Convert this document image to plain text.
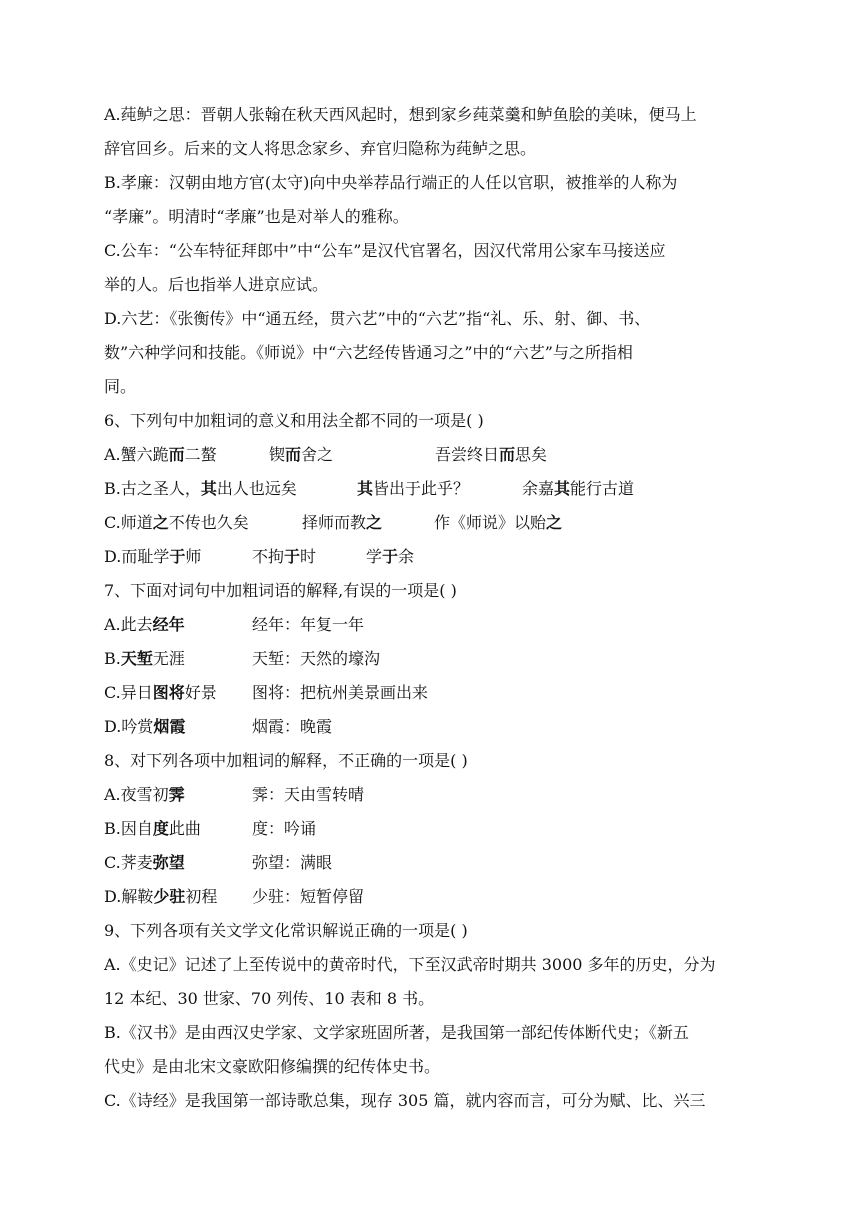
A.莼鲈之思：晋朝人张翰在秋天西风起时，想到家乡莼菜羹和鲈鱼脍的美味，便马上
辞官回乡。后来的文人将思念家乡、弃官归隐称为莼鲈之思。
B.孝廉：汉朝由地方官(太守)向中央举荐品行端正的人任以官职，被推举的人称为
“孝廉”。明清时“孝廉”也是对举人的雅称。
C.公车：“公车特征拜郎中”中“公车”是汉代官署名，因汉代常用公家车马接送应
举的人。后也指举人进京应试。
D.六艺：《张衡传》中“通五经，贯六艺”中的“六艺”指“礼、乐、射、御、书、
数”六种学问和技能。《师说》中“六艺经传皆通习之”中的“六艺”与之所指相
同。
6、下列句中加粗词的意义和用法全都不同的一项是( )
A.蟹六跪而二螯	锲而舍之	吾尝终日而思矣
B.古之圣人，其出人也远矣	其皆出于此乎？	余嘉其能行古道
C.师道之不传也久矣	择师而教之	作《师说》以贻之
D.而耻学于师	不拘于时	学于余
7、下面对词句中加粗词语的解释,有误的一项是( )
A.此去经年	经年：年复一年
B.天堑无涯	天堑：天然的壕沟
C.异日图将好景	图将：把杭州美景画出来
D.吟赏烟霞	烟霞：晚霞
8、对下列各项中加粗词的解释，不正确的一项是( )
A.夜雪初霁	霁：天由雪转晴
B.因自度此曲	度：吟诵
C.荠麦弥望	弥望：满眼
D.解鞍少驻初程	少驻：短暂停留
9、下列各项有关文学文化常识解说正确的一项是( )
A.《史记》记述了上至传说中的黄帝时代，下至汉武帝时期共 3000 多年的历史，分为
12 本纪、30 世家、70 列传、10 表和 8 书。
B.《汉书》是由西汉史学家、文学家班固所著，是我国第一部纪传体断代史；《新五
代史》是由北宋文豪欧阳修编撰的纪传体史书。
C.《诗经》是我国第一部诗歌总集，现存 305 篇，就内容而言，可分为赋、比、兴三
